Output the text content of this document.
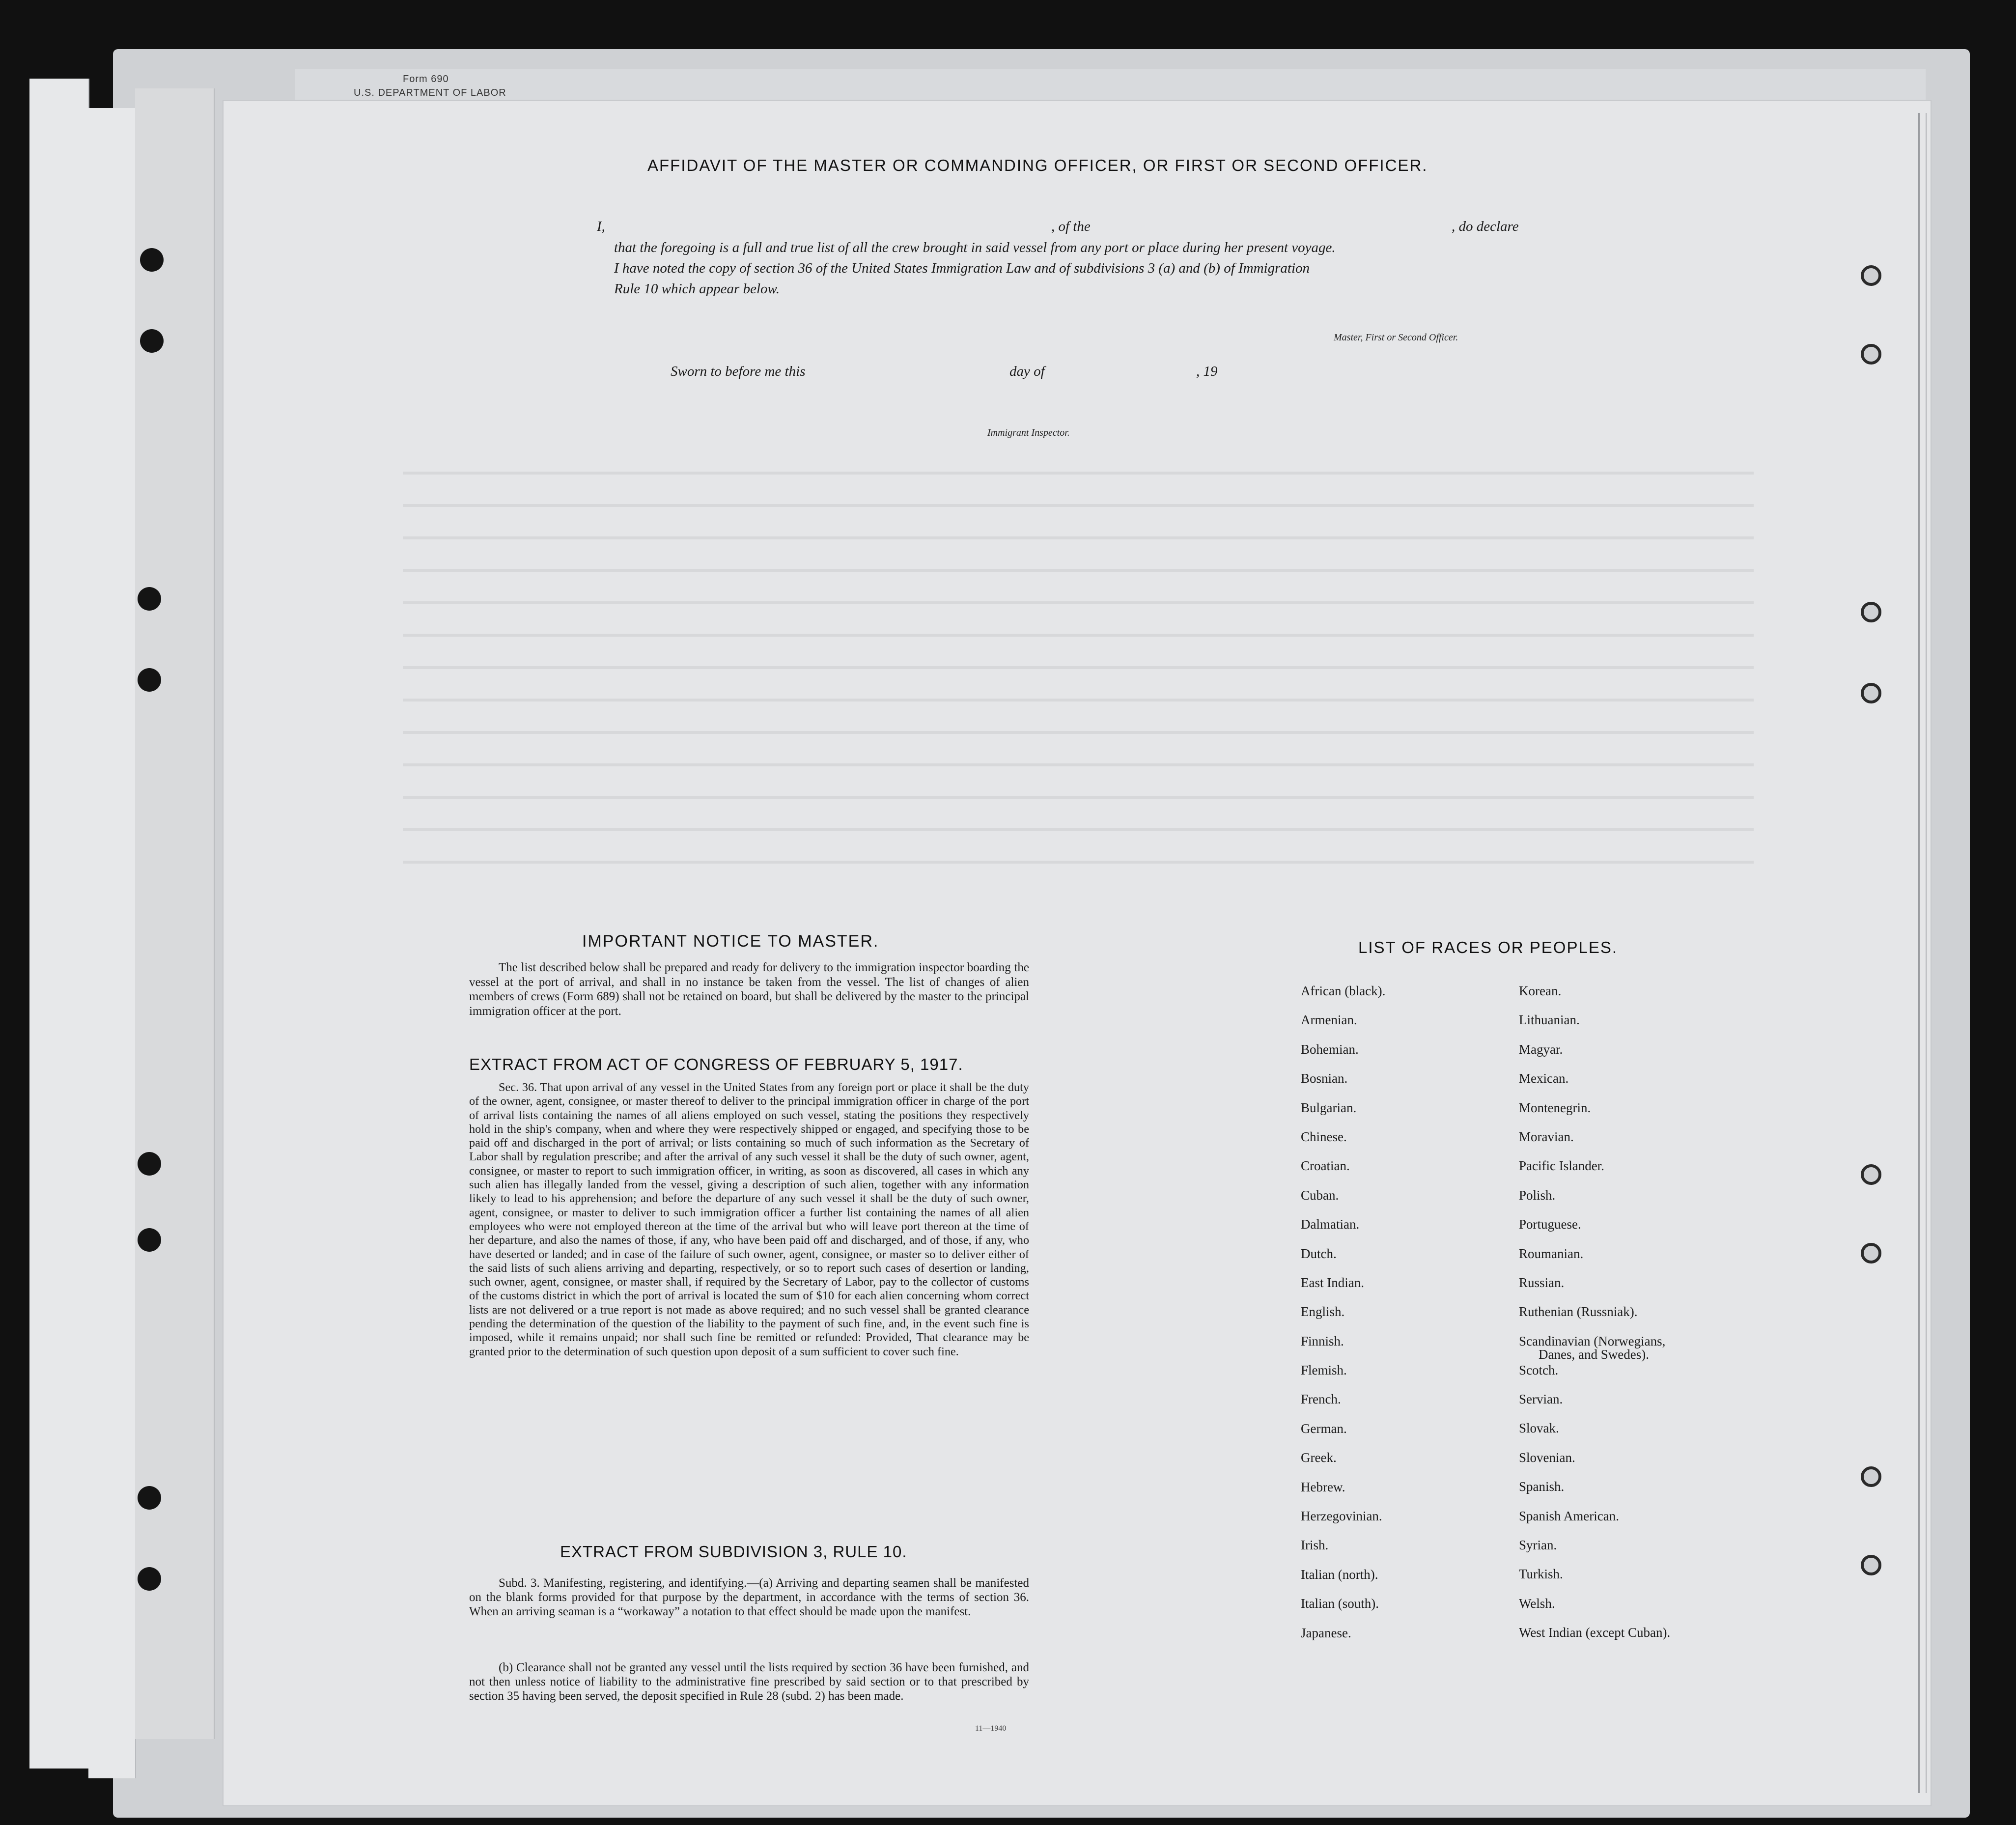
Form 690
U.S. DEPARTMENT OF LABOR
AFFIDAVIT OF THE MASTER OR COMMANDING OFFICER, OR FIRST OR SECOND OFFICER.
I,	, of the	, do declare
that the foregoing is a full and true list of all the crew brought in said vessel from any port or place during her present voyage.
I have noted the copy of section 36 of the United States Immigration Law and of subdivisions 3 (a) and (b) of Immigration
Rule 10 which appear below.
Master, First or Second Officer.
Sworn to before me this	day of	, 19
Immigrant Inspector.
IMPORTANT NOTICE TO MASTER.
The list described below shall be prepared and ready for delivery to the immigration inspector boarding the vessel at the port of arrival, and shall in no instance be taken from the vessel. The list of changes of alien members of crews (Form 689) shall not be retained on board, but shall be delivered by the master to the principal immigration officer at the port.
EXTRACT FROM ACT OF CONGRESS OF FEBRUARY 5, 1917.
Sec. 36. That upon arrival of any vessel in the United States from any foreign port or place it shall be the duty of the owner, agent, consignee, or master thereof to deliver to the principal immigration officer in charge of the port of arrival lists containing the names of all aliens employed on such vessel, stating the positions they respectively hold in the ship's company, when and where they were respectively shipped or engaged, and specifying those to be paid off and discharged in the port of arrival; or lists containing so much of such information as the Secretary of Labor shall by regulation prescribe; and after the arrival of any such vessel it shall be the duty of such owner, agent, consignee, or master to report to such immigration officer, in writing, as soon as discovered, all cases in which any such alien has illegally landed from the vessel, giving a description of such alien, together with any information likely to lead to his apprehension; and before the departure of any such vessel it shall be the duty of such owner, agent, consignee, or master to deliver to such immigration officer a further list containing the names of all alien employees who were not employed thereon at the time of the arrival but who will leave port thereon at the time of her departure, and also the names of those, if any, who have been paid off and discharged, and of those, if any, who have deserted or landed; and in case of the failure of such owner, agent, consignee, or master so to deliver either of the said lists of such aliens arriving and departing, respectively, or so to report such cases of desertion or landing, such owner, agent, consignee, or master shall, if required by the Secretary of Labor, pay to the collector of customs of the customs district in which the port of arrival is located the sum of $10 for each alien concerning whom correct lists are not delivered or a true report is not made as above required; and no such vessel shall be granted clearance pending the determination of the question of the liability to the payment of such fine, and, in the event such fine is imposed, while it remains unpaid; nor shall such fine be remitted or refunded: Provided, That clearance may be granted prior to the determination of such question upon deposit of a sum sufficient to cover such fine.
EXTRACT FROM SUBDIVISION 3, RULE 10.
Subd. 3. Manifesting, registering, and identifying.—(a) Arriving and departing seamen shall be manifested on the blank forms provided for that purpose by the department, in accordance with the terms of section 36. When an arriving seaman is a “workaway” a notation to that effect should be made upon the manifest.
(b) Clearance shall not be granted any vessel until the lists required by section 36 have been furnished, and not then unless notice of liability to the administrative fine prescribed by said section or to that prescribed by section 35 having been served, the deposit specified in Rule 28 (subd. 2) has been made.
11—1940
LIST OF RACES OR PEOPLES.
African (black).
Armenian.
Bohemian.
Bosnian.
Bulgarian.
Chinese.
Croatian.
Cuban.
Dalmatian.
Dutch.
East Indian.
English.
Finnish.
Flemish.
French.
German.
Greek.
Hebrew.
Herzegovinian.
Irish.
Italian (north).
Italian (south).
Japanese.
Korean.
Lithuanian.
Magyar.
Mexican.
Montenegrin.
Moravian.
Pacific Islander.
Polish.
Portuguese.
Roumanian.
Russian.
Ruthenian (Russniak).
Scandinavian (Norwegians,
Danes, and Swedes).
Scotch.
Servian.
Slovak.
Slovenian.
Spanish.
Spanish American.
Syrian.
Turkish.
Welsh.
West Indian (except Cuban).
